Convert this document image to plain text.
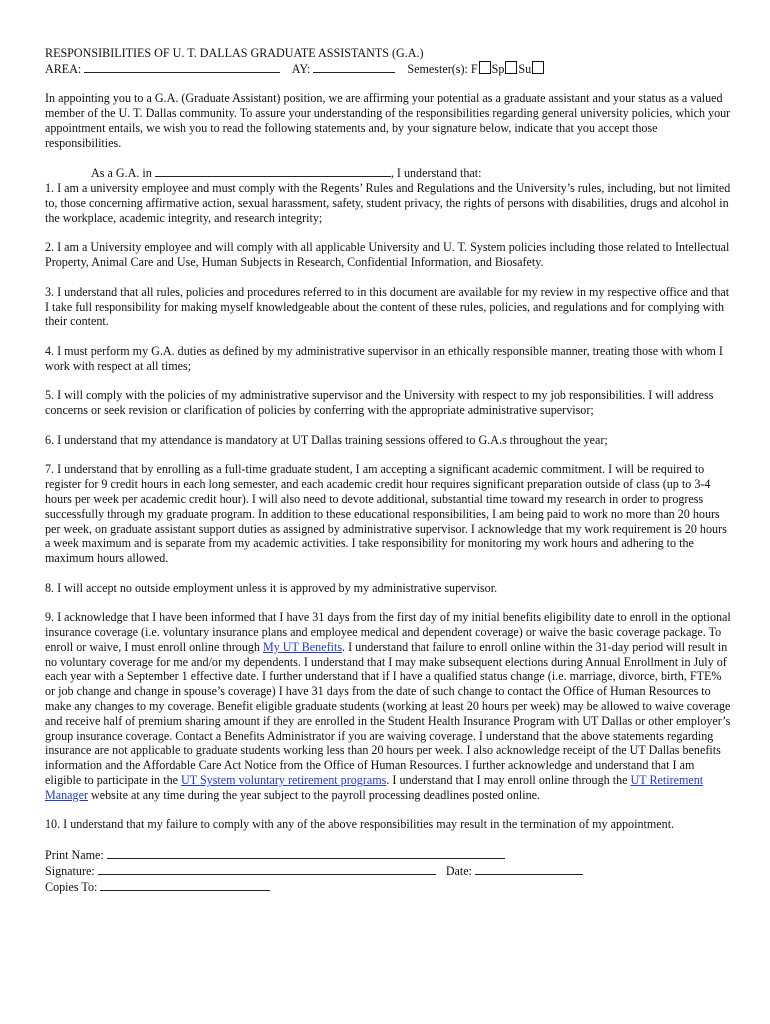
RESPONSIBILITIES OF U. T. DALLAS GRADUATE ASSISTANTS (G.A.)

AREA:	AY:	Semester(s): F Sp Su

In appointing you to a G.A. (Graduate Assistant) position, we are affirming your potential as a graduate assistant and your status as a valued member of the U. T. Dallas community. To assure your understanding of the responsibilities regarding general university policies, which your appointment entails, we wish you to read the following statements and, by your signature below, indicate that you accept those responsibilities.

As a G.A. in	, I understand that:

1. I am a university employee and must comply with the Regents’ Rules and Regulations and the University’s rules, including, but not limited to, those concerning affirmative action, sexual harassment, safety, student privacy, the rights of persons with disabilities, drugs and alcohol in the workplace, academic integrity, and research integrity;

2. I am a University employee and will comply with all applicable University and U. T. System policies including those related to Intellectual Property, Animal Care and Use, Human Subjects in Research, Confidential Information, and Biosafety.

3. I understand that all rules, policies and procedures referred to in this document are available for my review in my respective office and that I take full responsibility for making myself knowledgeable about the content of these rules, policies, and regulations and for complying with their content.

4. I must perform my G.A. duties as defined by my administrative supervisor in an ethically responsible manner, treating those with whom I work with respect at all times;

5. I will comply with the policies of my administrative supervisor and the University with respect to my job responsibilities. I will address concerns or seek revision or clarification of policies by conferring with the appropriate administrative supervisor;

6. I understand that my attendance is mandatory at UT Dallas training sessions offered to G.A.s throughout the year;

7. I understand that by enrolling as a full-time graduate student, I am accepting a significant academic commitment. I will be required to register for 9 credit hours in each long semester, and each academic credit hour requires significant preparation outside of class (up to 3-4 hours per week per academic credit hour). I will also need to devote additional, substantial time toward my research in order to progress successfully through my graduate program. In addition to these educational responsibilities, I am being paid to work no more than 20 hours per week, on graduate assistant support duties as assigned by administrative supervisor. I acknowledge that my work requirement is 20 hours a week maximum and is separate from my academic activities. I take responsibility for monitoring my work hours and adhering to the maximum hours allowed.

8. I will accept no outside employment unless it is approved by my administrative supervisor.

9. I acknowledge that I have been informed that I have 31 days from the first day of my initial benefits eligibility date to enroll in the optional insurance coverage (i.e. voluntary insurance plans and employee medical and dependent coverage) or waive the basic coverage package. To enroll or waive, I must enroll online through My UT Benefits. I understand that failure to enroll online within the 31-day period will result in no voluntary coverage for me and/or my dependents. I understand that I may make subsequent elections during Annual Enrollment in July of each year with a September 1 effective date. I further understand that if I have a qualified status change (i.e. marriage, divorce, birth, FTE% or job change and change in spouse’s coverage) I have 31 days from the date of such change to contact the Office of Human Resources to make any changes to my coverage. Benefit eligible graduate students (working at least 20 hours per week) may be allowed to waive coverage and receive half of premium sharing amount if they are enrolled in the Student Health Insurance Program with UT Dallas or other employer’s group insurance coverage. Contact a Benefits Administrator if you are waiving coverage. I understand that the above statements regarding insurance are not applicable to graduate students working less than 20 hours per week. I also acknowledge receipt of the UT Dallas benefits information and the Affordable Care Act Notice from the Office of Human Resources. I further acknowledge and understand that I am eligible to participate in the UT System voluntary retirement programs. I understand that I may enroll online through the UT Retirement Manager website at any time during the year subject to the payroll processing deadlines posted online.

10. I understand that my failure to comply with any of the above responsibilities may result in the termination of my appointment.

Print Name:

Signature:	Date:

Copies To:
